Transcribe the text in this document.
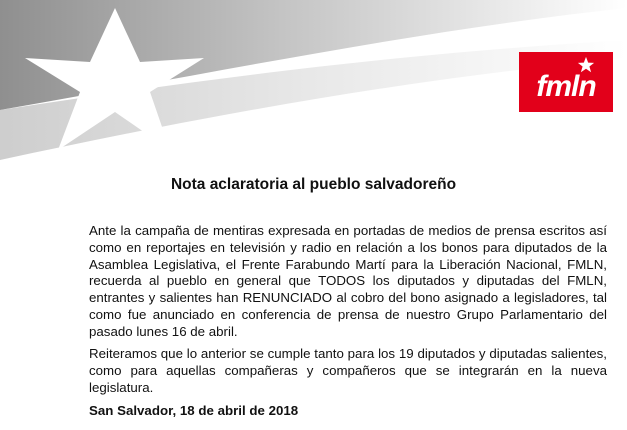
fmln
Nota aclaratoria al pueblo salvadoreño

Ante la campaña de mentiras expresada en portadas de medios de prensa escritos así como en reportajes en televisión y radio en relación a los bonos para diputados de la Asamblea Legislativa, el Frente Farabundo Martí para la Liberación Nacional, FMLN, recuerda al pueblo en general que TODOS los diputados y diputadas del FMLN, entrantes y salientes han RENUNCIADO al cobro del bono asignado a legisladores, tal como fue anunciado en conferencia de prensa de nuestro Grupo Parlamentario del pasado lunes 16 de abril.

Reiteramos que lo anterior se cumple tanto para los 19 diputados y diputadas salientes, como para aquellas compañeras y compañeros que se integrarán en la nueva legislatura.

San Salvador, 18 de abril de 2018
